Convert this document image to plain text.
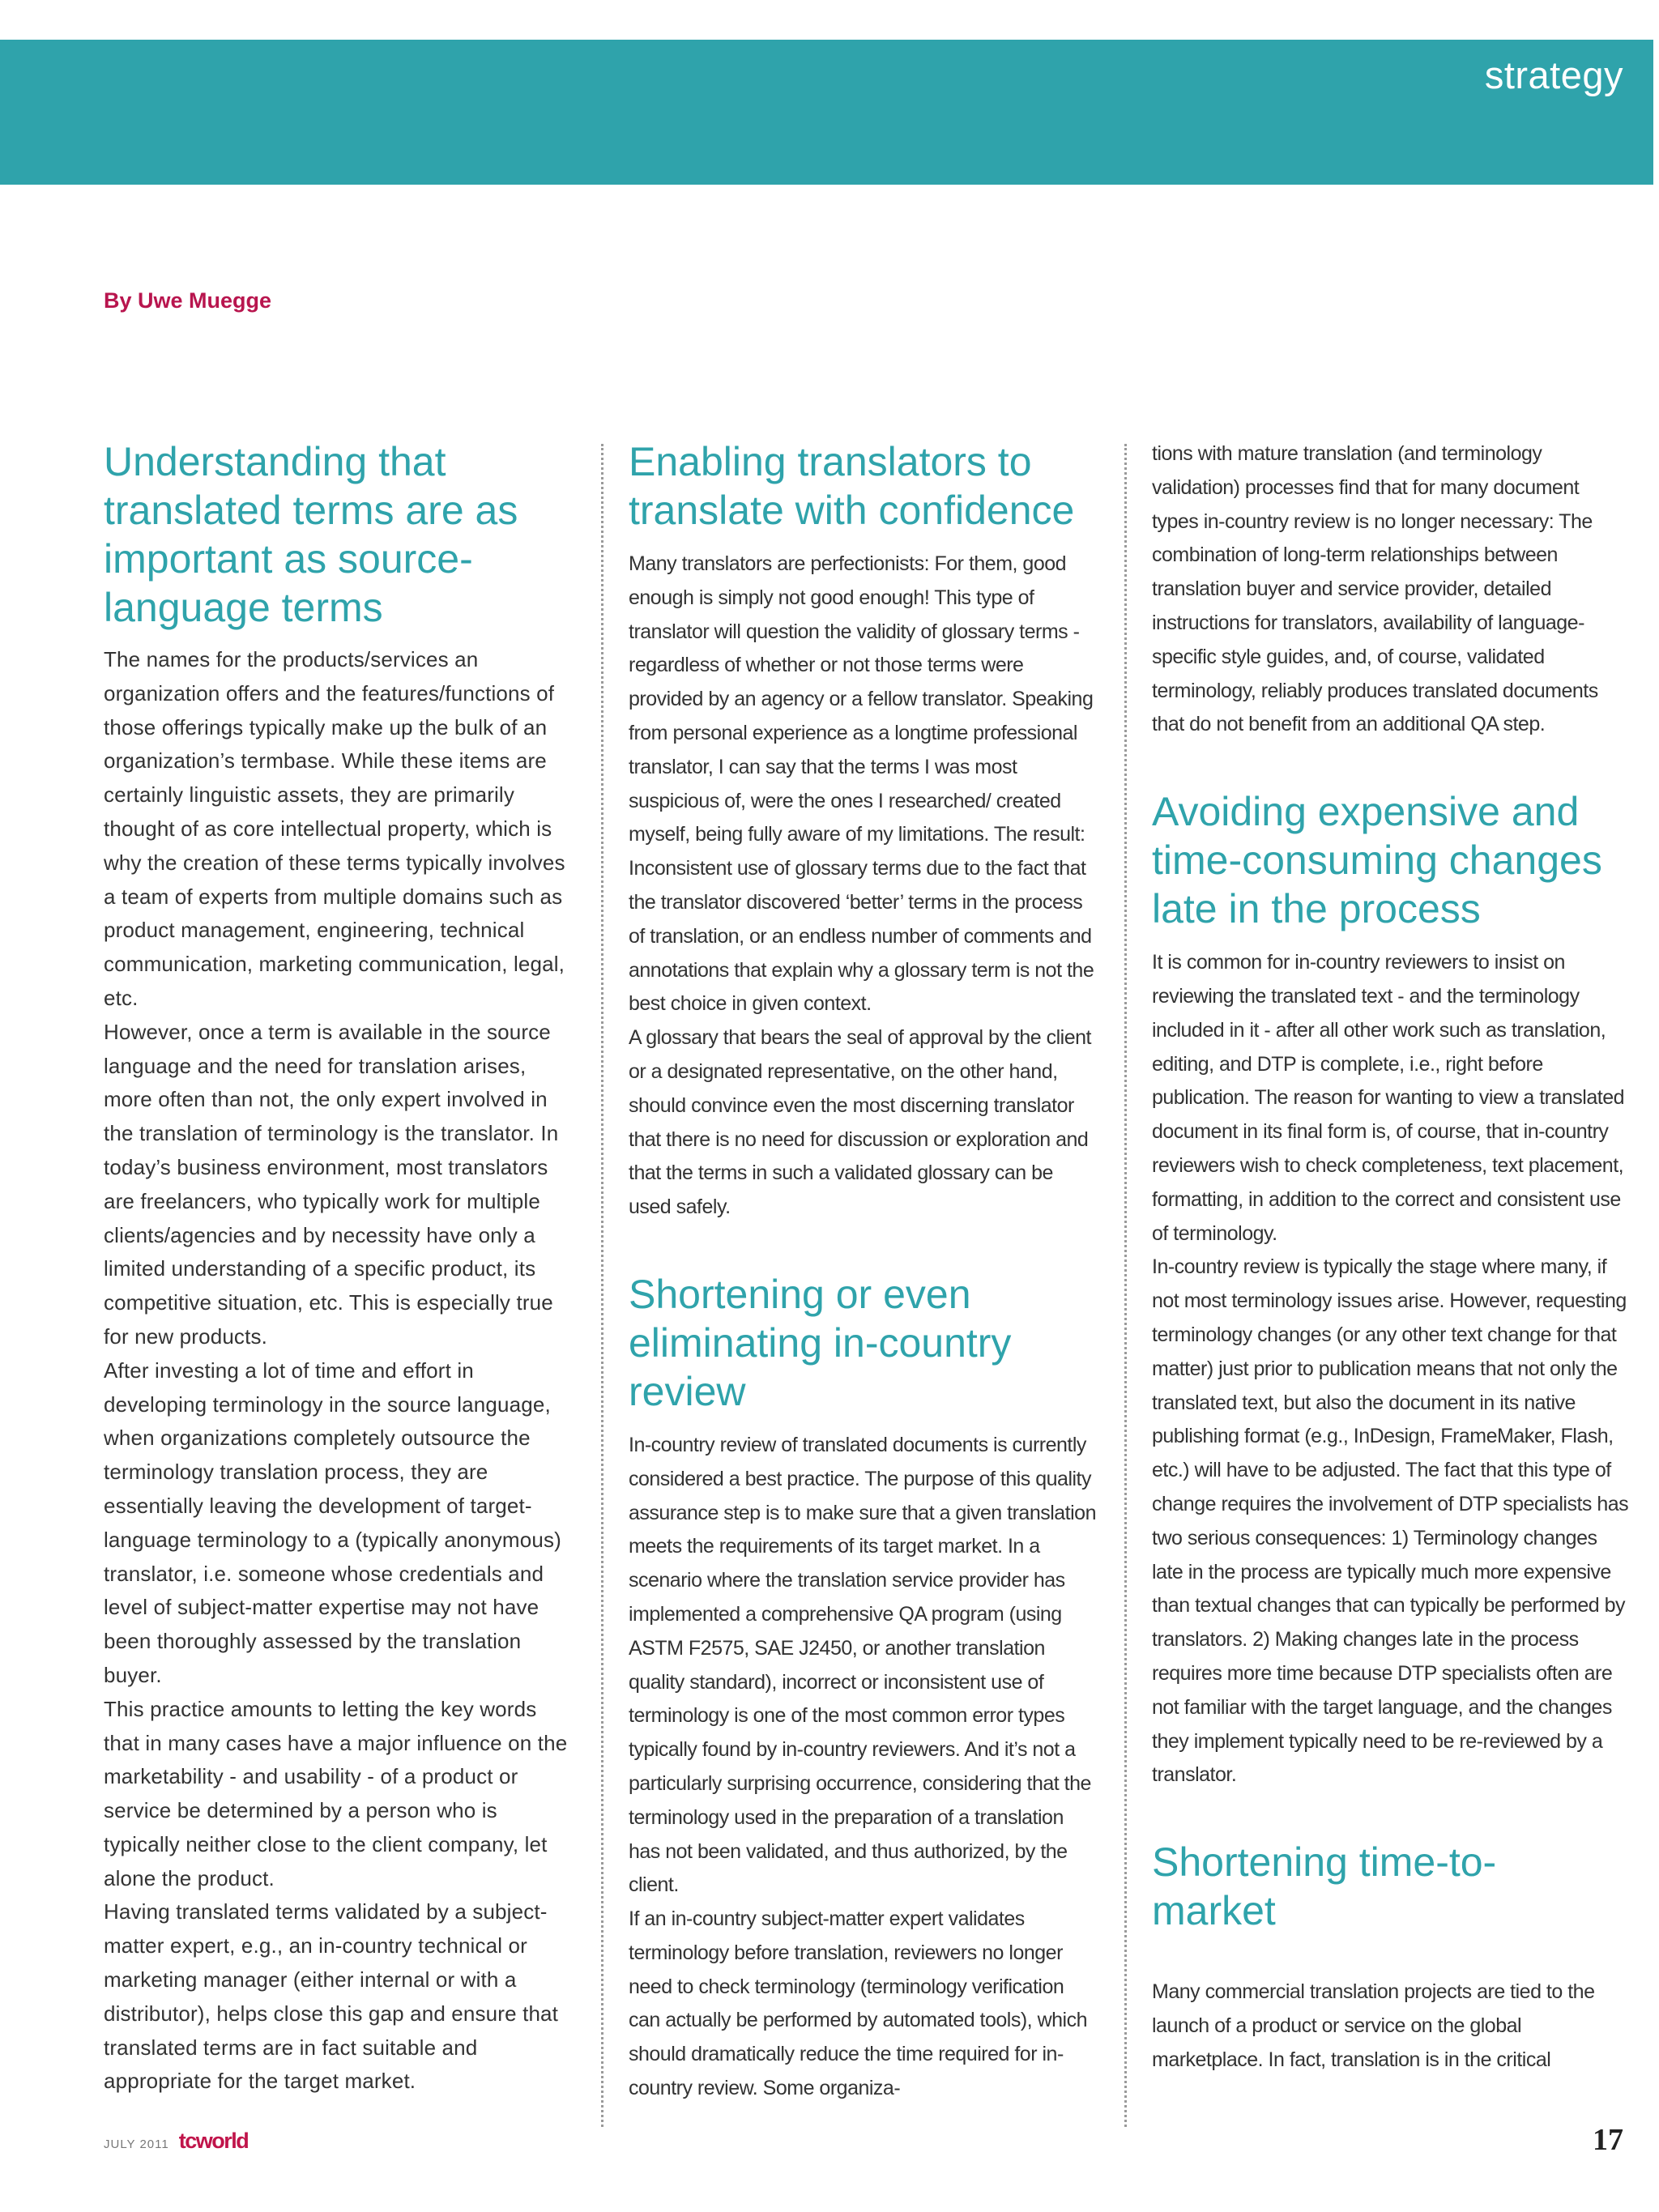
strategy
By Uwe Muegge
Understanding that translated terms are as important as source-language terms

The names for the products/services an organization offers and the features/functions of those offerings typically make up the bulk of an organization’s termbase. While these items are certainly linguistic assets, they are primarily thought of as core intellectual property, which is why the creation of these terms typically involves a team of experts from multiple domains such as product management, engineering, technical communication, marketing communication, legal, etc.

However, once a term is available in the source language and the need for translation arises, more often than not, the only expert involved in the translation of terminology is the translator. In today’s business environment, most translators are freelancers, who typically work for multiple clients/agencies and by necessity have only a limited understanding of a specific product, its competitive situation, etc. This is especially true for new products.

After investing a lot of time and effort in developing terminology in the source language, when organizations completely outsource the terminology translation process, they are essentially leaving the development of target-language terminology to a (typically anonymous) translator, i.e. someone whose credentials and level of subject-matter expertise may not have been thoroughly assessed by the translation buyer.

This practice amounts to letting the key words that in many cases have a major influence on the marketability - and usability - of a product or service be determined by a person who is typically neither close to the client company, let alone the product.

Having translated terms validated by a subject-matter expert, e.g., an in-country technical or marketing manager (either internal or with a distributor), helps close this gap and ensure that translated terms are in fact suitable and appropriate for the target market.

Enabling translators to translate with confidence

Many translators are perfectionists: For them, good enough is simply not good enough! This type of translator will question the validity of glossary terms - regardless of whether or not those terms were provided by an agency or a fellow translator. Speaking from personal experience as a longtime professional translator, I can say that the terms I was most suspicious of, were the ones I researched/ created myself, being fully aware of my limitations. The result: Inconsistent use of glossary terms due to the fact that the translator discovered ‘better’ terms in the process of translation, or an endless number of comments and annotations that explain why a glossary term is not the best choice in given context.

A glossary that bears the seal of approval by the client or a designated representative, on the other hand, should convince even the most discerning translator that there is no need for discussion or exploration and that the terms in such a validated glossary can be used safely.

Shortening or even eliminating in-country review

In-country review of translated documents is currently considered a best practice. The purpose of this quality assurance step is to make sure that a given translation meets the requirements of its target market. In a scenario where the translation service provider has implemented a comprehensive QA program (using ASTM F2575, SAE J2450, or another translation quality standard), incorrect or inconsistent use of terminology is one of the most common error types typically found by in-country reviewers. And it’s not a particularly surprising occurrence, considering that the terminology used in the preparation of a translation has not been validated, and thus authorized, by the client.

If an in-country subject-matter expert validates terminology before translation, reviewers no longer need to check terminology (terminology verification can actually be performed by automated tools), which should dramatically reduce the time required for in-country review. Some organiza-

tions with mature translation (and terminology validation) processes find that for many document types in-country review is no longer necessary: The combination of long-term relationships between translation buyer and service provider, detailed instructions for translators, availability of language-specific style guides, and, of course, validated terminology, reliably produces translated documents that do not benefit from an additional QA step.

Avoiding expensive and time-consuming changes late in the process

It is common for in-country reviewers to insist on reviewing the translated text - and the terminology included in it - after all other work such as translation, editing, and DTP is complete, i.e., right before publication. The reason for wanting to view a translated document in its final form is, of course, that in-country reviewers wish to check completeness, text placement, formatting, in addition to the correct and consistent use of terminology.

In-country review is typically the stage where many, if not most terminology issues arise. However, requesting terminology changes (or any other text change for that matter) just prior to publication means that not only the translated text, but also the document in its native publishing format (e.g., InDesign, FrameMaker, Flash, etc.) will have to be adjusted. The fact that this type of change requires the involvement of DTP specialists has two serious consequences: 1) Terminology changes late in the process are typically much more expensive than textual changes that can typically be performed by translators. 2) Making changes late in the process requires more time because DTP specialists often are not familiar with the target language, and the changes they implement typically need to be re-reviewed by a translator.

Shortening time-to-market

Many commercial translation projects are tied to the launch of a product or service on the global marketplace. In fact, translation is in the critical

JULY 2011 tcworld	17
